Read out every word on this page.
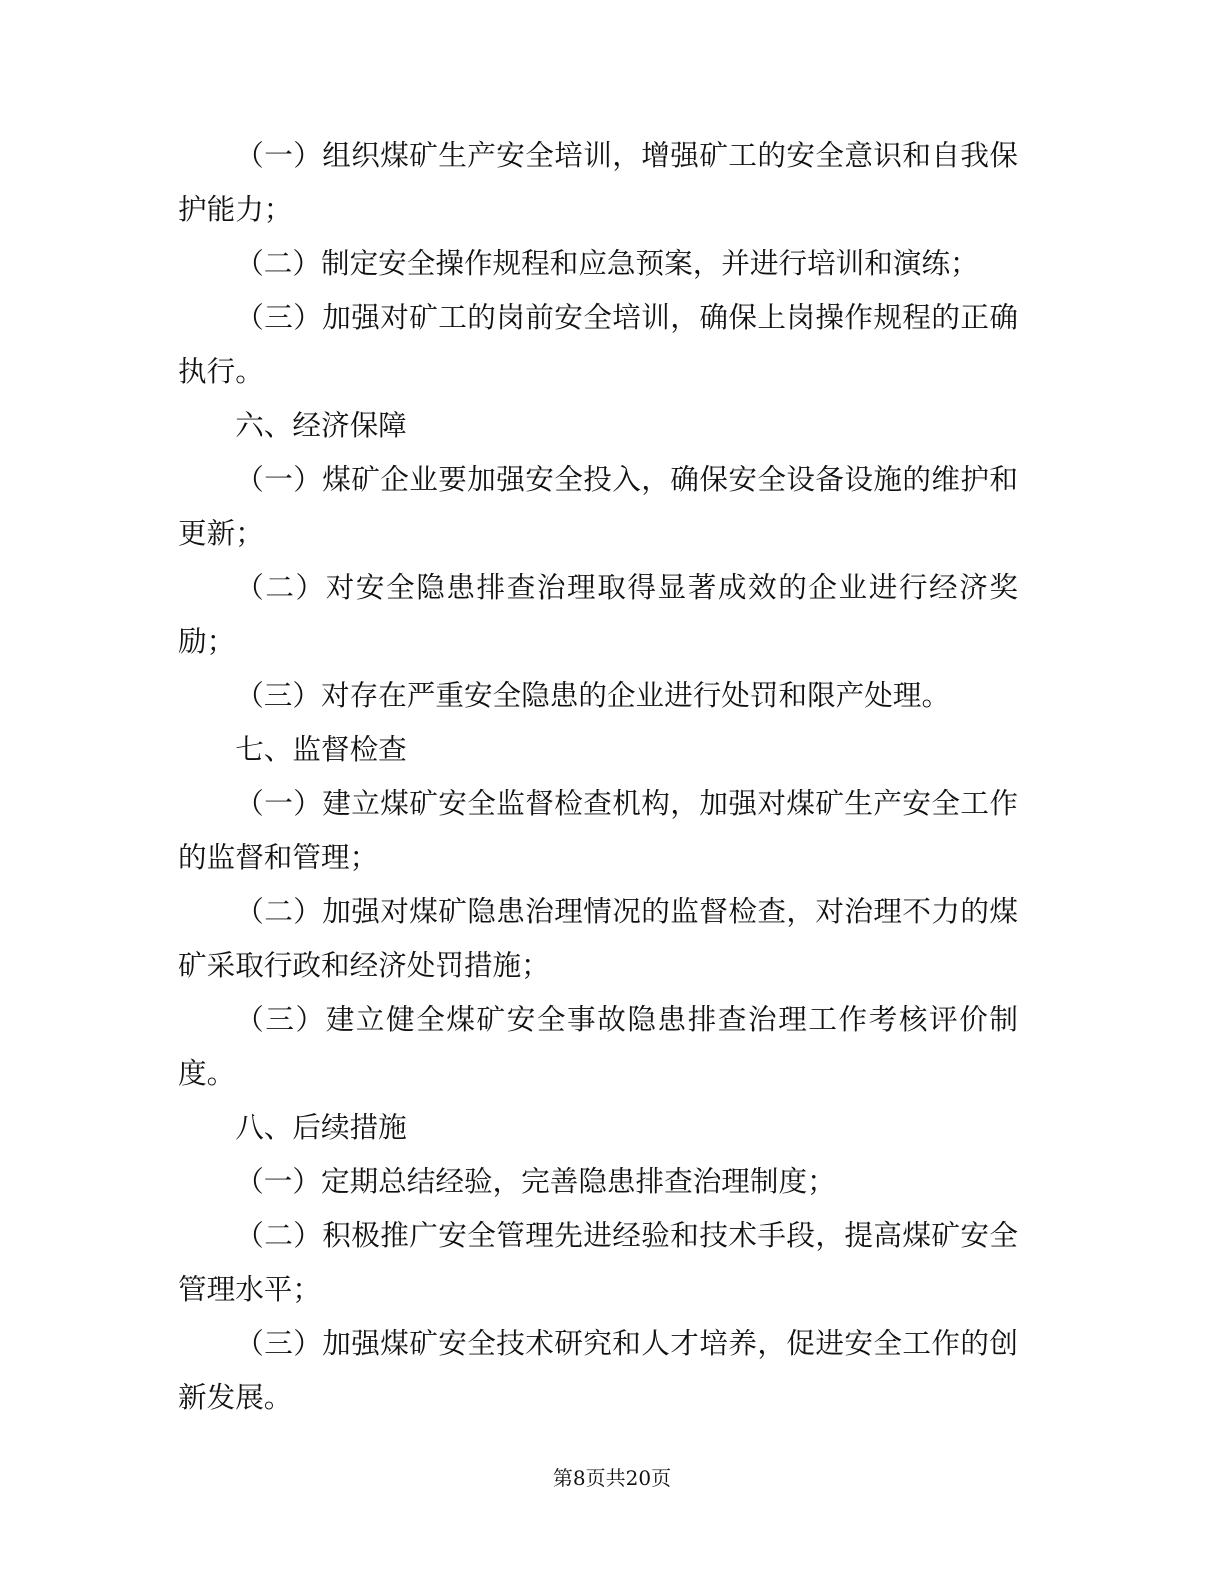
（一）组织煤矿生产安全培训，增强矿工的安全意识和自我保护能力；

（二）制定安全操作规程和应急预案，并进行培训和演练；

（三）加强对矿工的岗前安全培训，确保上岗操作规程的正确执行。

六、经济保障

（一）煤矿企业要加强安全投入，确保安全设备设施的维护和更新；

（二）对安全隐患排查治理取得显著成效的企业进行经济奖励；

（三）对存在严重安全隐患的企业进行处罚和限产处理。

七、监督检查

（一）建立煤矿安全监督检查机构，加强对煤矿生产安全工作的监督和管理；

（二）加强对煤矿隐患治理情况的监督检查，对治理不力的煤矿采取行政和经济处罚措施；

（三）建立健全煤矿安全事故隐患排查治理工作考核评价制度。

八、后续措施

（一）定期总结经验，完善隐患排查治理制度；

（二）积极推广安全管理先进经验和技术手段，提高煤矿安全管理水平；

（三）加强煤矿安全技术研究和人才培养，促进安全工作的创新发展。

第8页共20页
